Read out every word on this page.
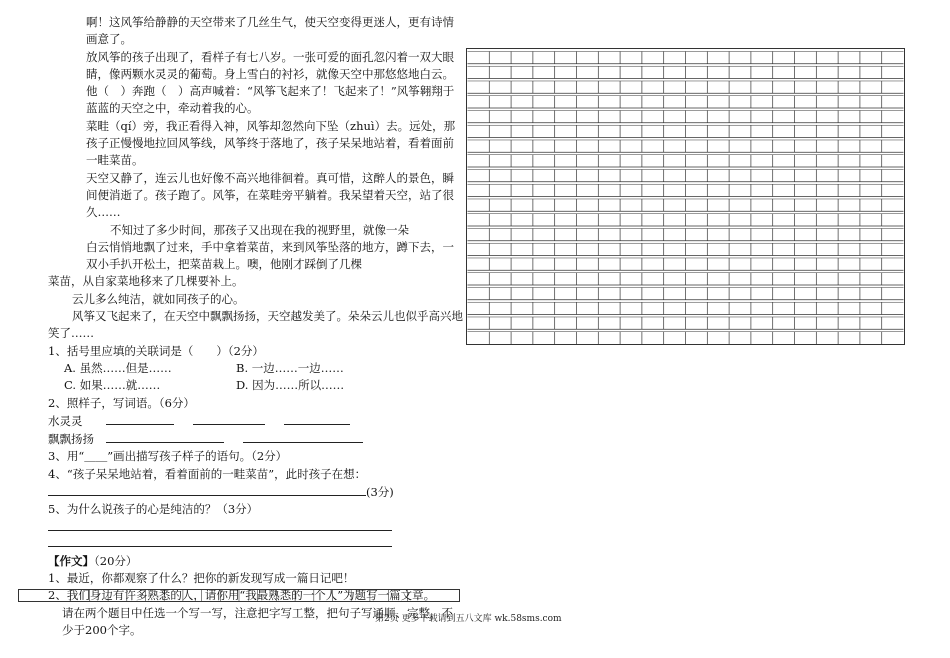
啊！这风筝给静静的天空带来了几丝生气，使天空变得更迷人，更有诗情画意了。

放风筝的孩子出现了，看样子有七八岁。一张可爱的面孔忽闪着一双大眼睛，像两颗水灵灵的葡萄。身上雪白的衬衫，就像天空中那悠悠地白云。他（　）奔跑（　）高声喊着：“风筝飞起来了！飞起来了！”风筝翱翔于蓝蓝的天空之中，牵动着我的心。

菜畦（qí）旁，我正看得入神，风筝却忽然向下坠（zhuì）去。远处，那孩子正慢慢地拉回风筝线，风筝终于落地了，孩子呆呆地站着，看着面前一畦菜苗。

天空又静了，连云儿也好像不高兴地徘徊着。真可惜，这醉人的景色，瞬间便消逝了。孩子跑了。风筝，在菜畦旁平躺着。我呆望着天空，站了很久……

不知过了多少时间，那孩子又出现在我的视野里，就像一朵

白云悄悄地飘了过来，手中拿着菜苗，来到风筝坠落的地方，蹲下去，一双小手扒开松土，把菜苗栽上。噢，他刚才踩倒了几棵

菜苗，从自家菜地移来了几棵要补上。

云儿多么纯洁，就如同孩子的心。

风筝又飞起来了，在天空中飘飘扬扬，天空越发美了。朵朵云儿也似乎高兴地笑了……

1、括号里应填的关联词是（　　）（2分）

A. 虽然……但是……	B. 一边……一边……
C. 如果……就……	D. 因为……所以……

2、照样子，写词语。（6分）

水灵灵
飘飘扬扬

3、用“＿＿”画出描写孩子样子的语句。（2分）

4、“孩子呆呆地站着，看着面前的一畦菜苗”，此时孩子在想：

(3分)

5、为什么说孩子的心是纯洁的？（3分）

【作文】（20分）

1、最近，你都观察了什么？把你的新发现写成一篇日记吧！

2、我们身边有许多熟悉的人，请你用“我最熟悉的一个人”为题写一篇文章。

请在两个题目中任选一个写一写，注意把字写工整，把句子写通顺、完整，不少于200个字。

第2页 更多下载请到五八文库 wk.58sms.com
